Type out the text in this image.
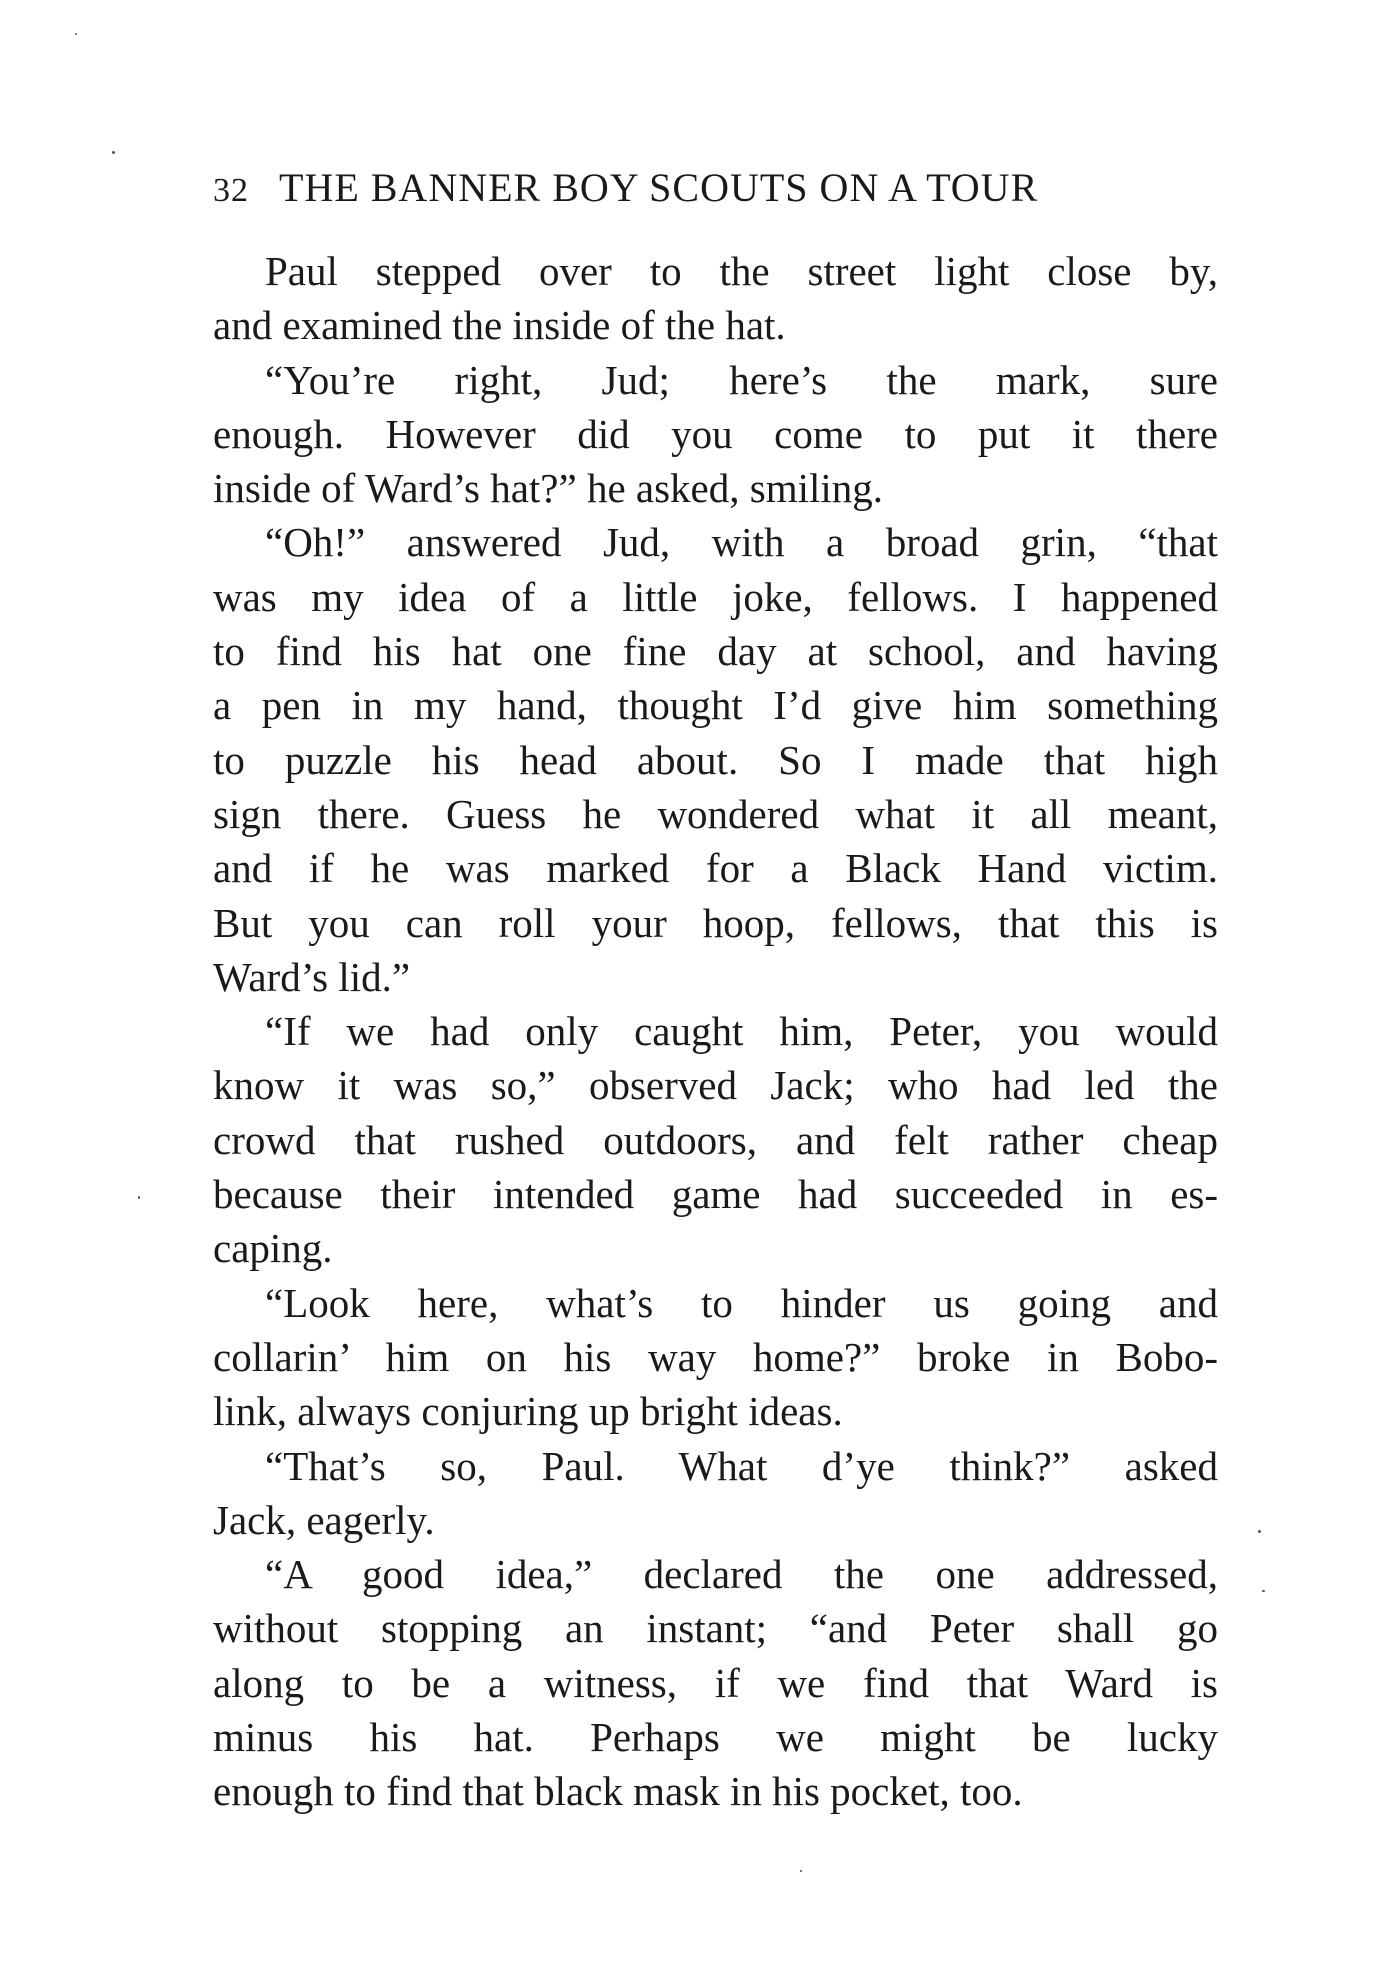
32 THE BANNER BOY SCOUTS ON A TOUR
Paul stepped over to the street light close by,
and examined the inside of the hat.
“You’re right, Jud; here’s the mark, sure
enough. However did you come to put it there
inside of Ward’s hat?” he asked, smiling.
“Oh!” answered Jud, with a broad grin, “that
was my idea of a little joke, fellows. I happened
to find his hat one fine day at school, and having
a pen in my hand, thought I’d give him something
to puzzle his head about. So I made that high
sign there. Guess he wondered what it all meant,
and if he was marked for a Black Hand victim.
But you can roll your hoop, fellows, that this is
Ward’s lid.”
“If we had only caught him, Peter, you would
know it was so,” observed Jack; who had led the
crowd that rushed outdoors, and felt rather cheap
because their intended game had succeeded in es-
caping.
“Look here, what’s to hinder us going and
collarin’ him on his way home?” broke in Bobo-
link, always conjuring up bright ideas.
“That’s so, Paul. What d’ye think?” asked
Jack, eagerly.
“A good idea,” declared the one addressed,
without stopping an instant; “and Peter shall go
along to be a witness, if we find that Ward is
minus his hat. Perhaps we might be lucky
enough to find that black mask in his pocket, too.
